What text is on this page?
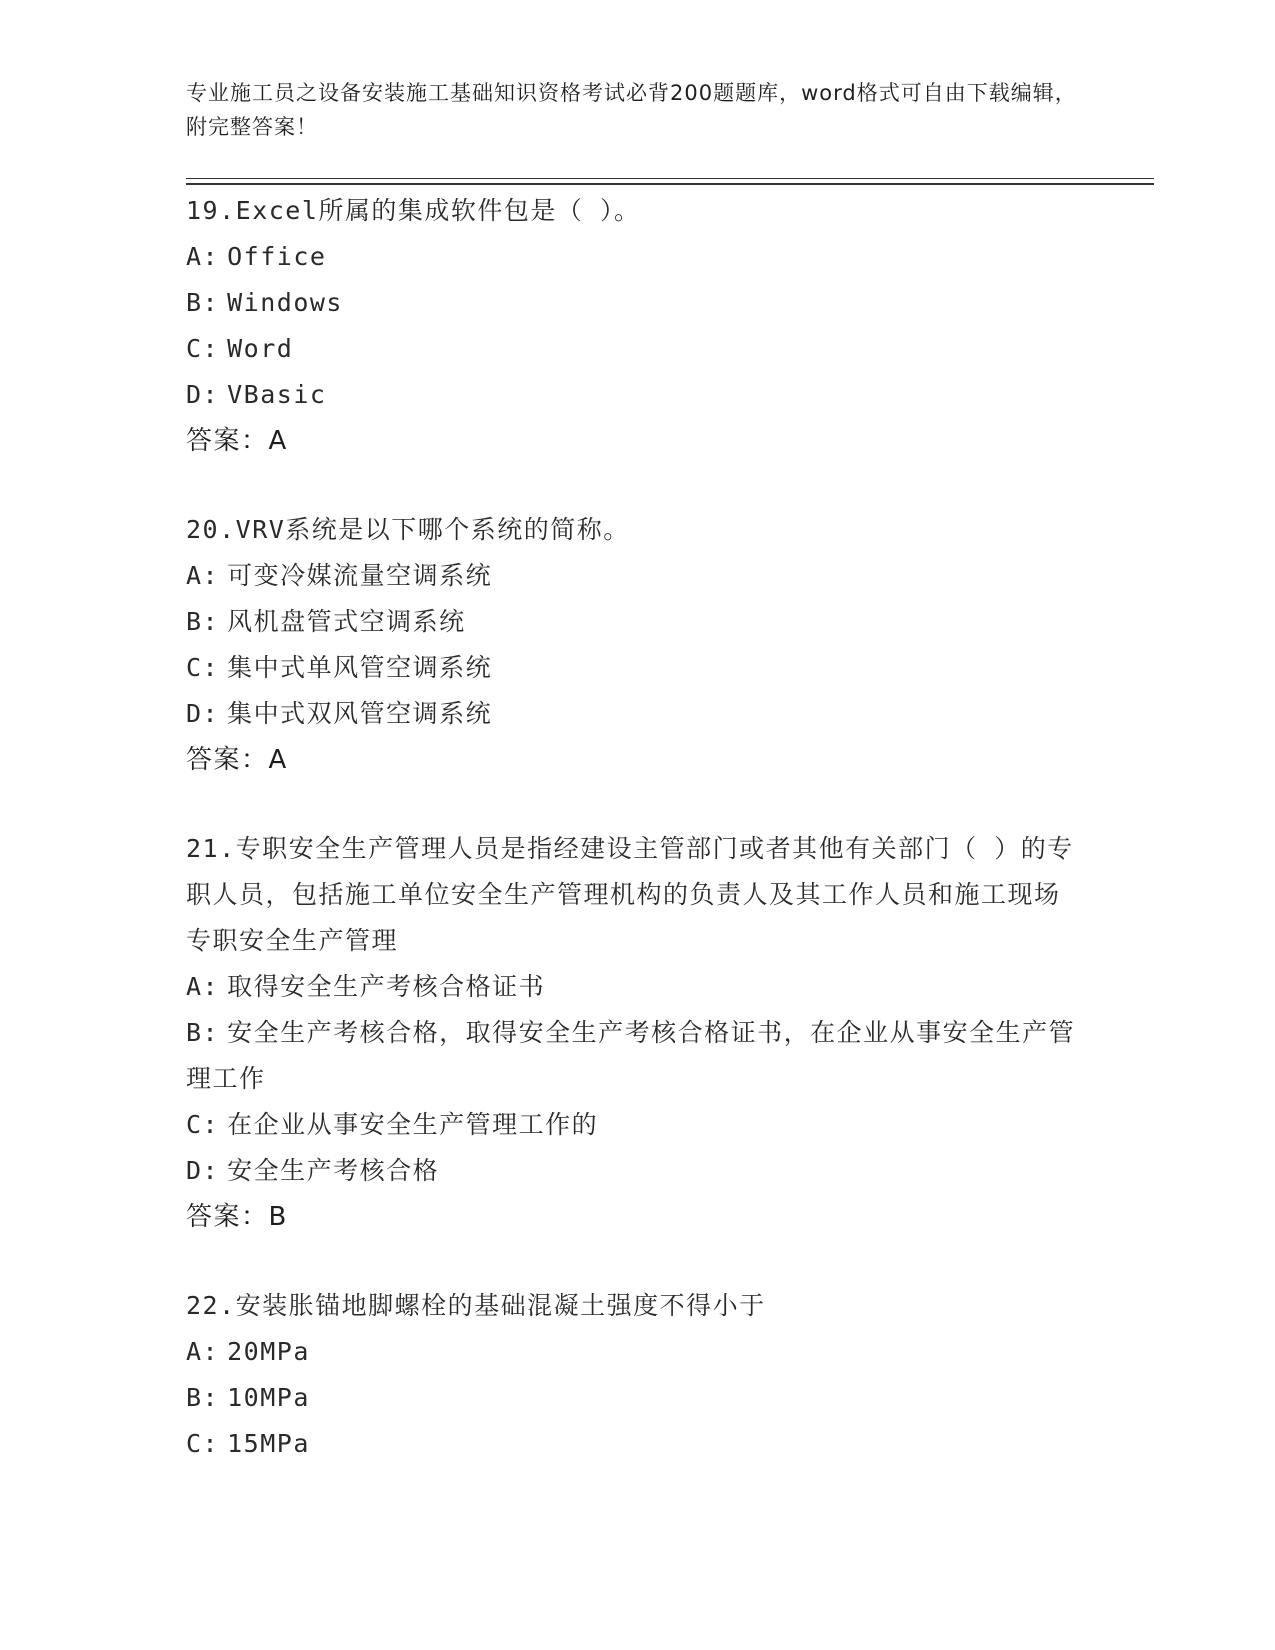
专业施工员之设备安装施工基础知识资格考试必背200题题库，word格式可自由下载编辑，附完整答案！

19.Excel所属的集成软件包是（ ）。

A: Office

B: Windows

C: Word

D: VBasic

答案：A

20.VRV系统是以下哪个系统的简称。

A: 可变冷媒流量空调系统

B: 风机盘管式空调系统

C: 集中式单风管空调系统

D: 集中式双风管空调系统

答案：A

21.专职安全生产管理人员是指经建设主管部门或者其他有关部门（ ）的专职人员，包括施工单位安全生产管理机构的负责人及其工作人员和施工现场专职安全生产管理

A: 取得安全生产考核合格证书

B: 安全生产考核合格，取得安全生产考核合格证书，在企业从事安全生产管理工作

C: 在企业从事安全生产管理工作的

D: 安全生产考核合格

答案：B

22.安装胀锚地脚螺栓的基础混凝土强度不得小于

A: 20MPa

B: 10MPa

C: 15MPa
